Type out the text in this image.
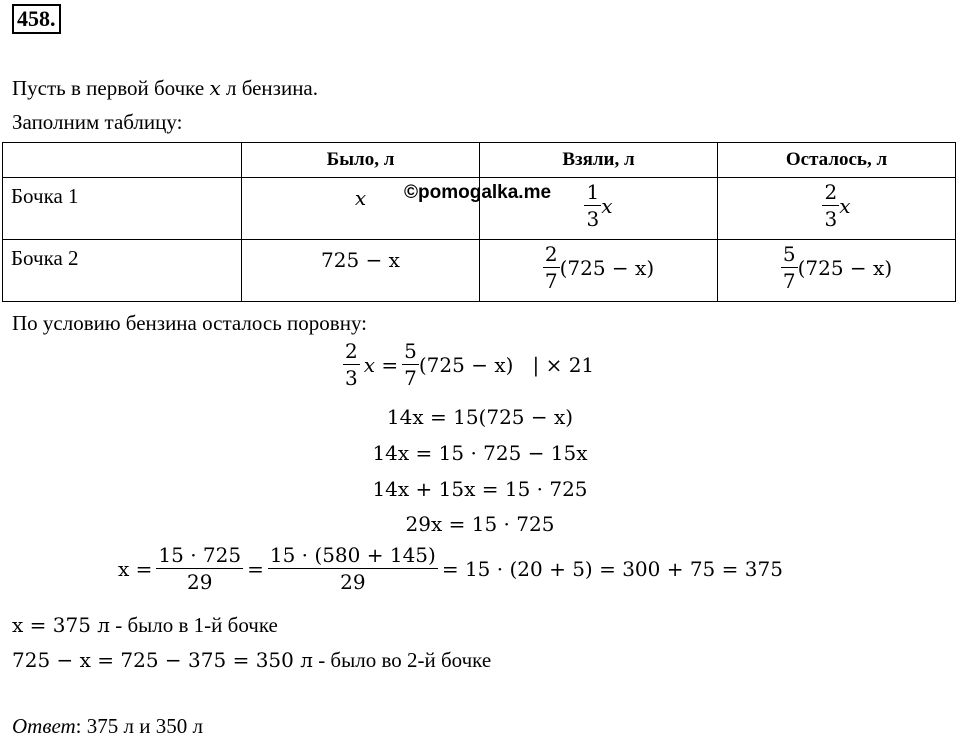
458.
Пусть в первой бочке x л бензина.
Заполним таблицу:
	Было, л	Взяли, л	Осталось, л
Бочка 1	x	$\frac{1}{3}$ x	$\frac{2}{3}$ x

Бочка 2	725 − x	$\frac{2}{7} (725 - x)$	$\frac{5}{7} (725 - x)$
©pomogalka.me
По условию бензина осталось поровну:
$\frac{2}{3}$ $x = \frac{5}{7} (725 - x)$   | × 21
14x = 15(725 − x)
14x = 15 · 725 − 15x
14x + 15x = 15 · 725
29x = 15 · 725
$x = \frac{15 \cdot 725}{29} = \frac{15 \cdot (580 + 145)}{29} = 15 \cdot (20 + 5) = 300 + 75 = 375$
x = 375 л - было в 1-й бочке
725 − x = 725 − 375 = 350 л - было во 2-й бочке
Ответ: 375 л и 350 л
